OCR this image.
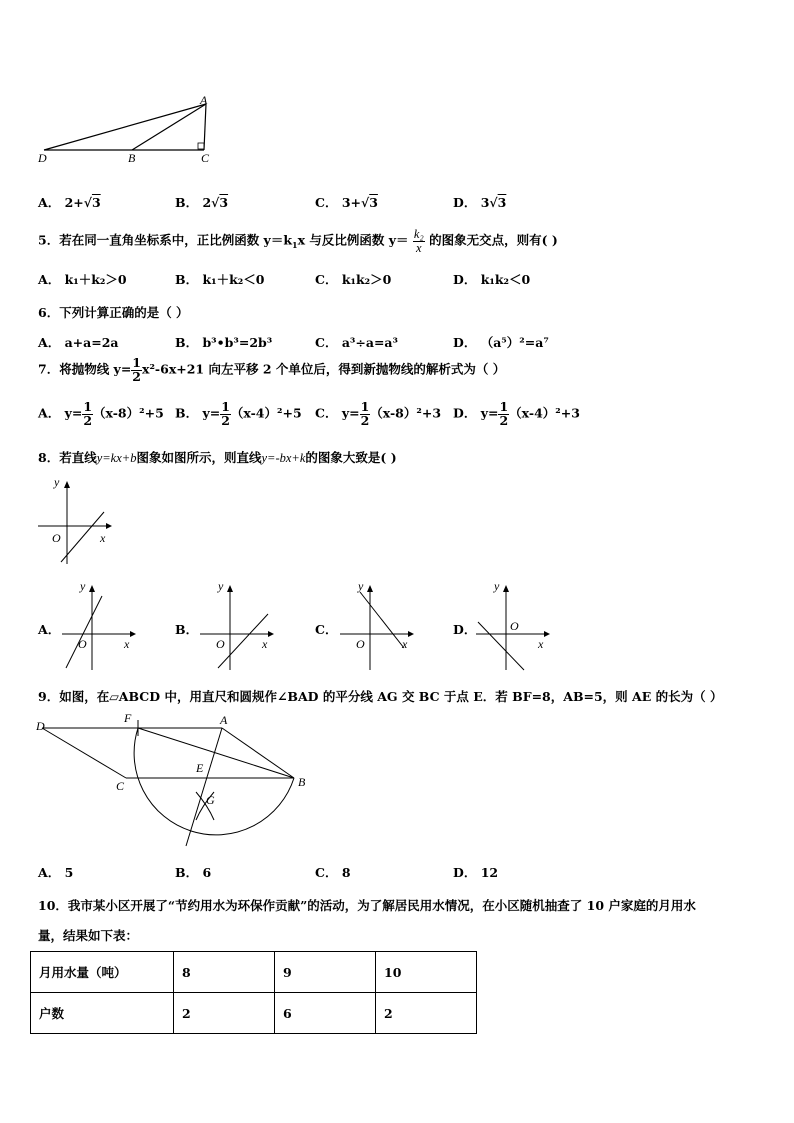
A
D	B	C
A． 2+√3	B． 2√3	C． 3+√3	D． 3√3
5．若在同一直角坐标系中，正比例函数 $y=k_1x$ 与反比例函数 $y= \frac{\text{k₂}}{x}$ 的图象无交点，则有( )
A． k₁＋k₂＞0	B． k₁＋k₂＜0	C． k₁k₂＞0	D． k₁k₂＜0
6．下列计算正确的是（ ）
A． a+a=2a	B． b³•b³=2b³	C． a³÷a=a³	D． （a⁵）²=a⁷
7．将抛物线 $y= \frac{1}{2} x^2-6x+21$ 向左平移 2 个单位后，得到新抛物线的解析式为（ ）
A． $y= \frac{1}{2} (x-8)^2+5$ B． $y= \frac{1}{2} (x-4)^2+5$ C． $y= \frac{1}{2} (x-8)^2+3$ D． $y= \frac{1}{2} (x-4)^2+3$
8．若直线y=kx+b图象如图所示，则直线y=-bx+k的图象大致是( )
y
x
O
A．	B．	C．	D．
y
x
O
y
x
O
y
x
O
y
x
O
9．如图，在▱ABCD 中，用直尺和圆规作∠BAD 的平分线 AG 交 BC 于点 E．若 BF=8，AB=5，则 AE 的长为（ ）
D
F	A
E
C	B
G
A． 5	B． 6	C． 8	D． 12
10．我市某小区开展了“节约用水为环保作贡献”的活动，为了解居民用水情况，在小区随机抽查了 10 户家庭的月用水
量，结果如下表：
月用水量（吨）	8	9	10
户数	2	6	2
